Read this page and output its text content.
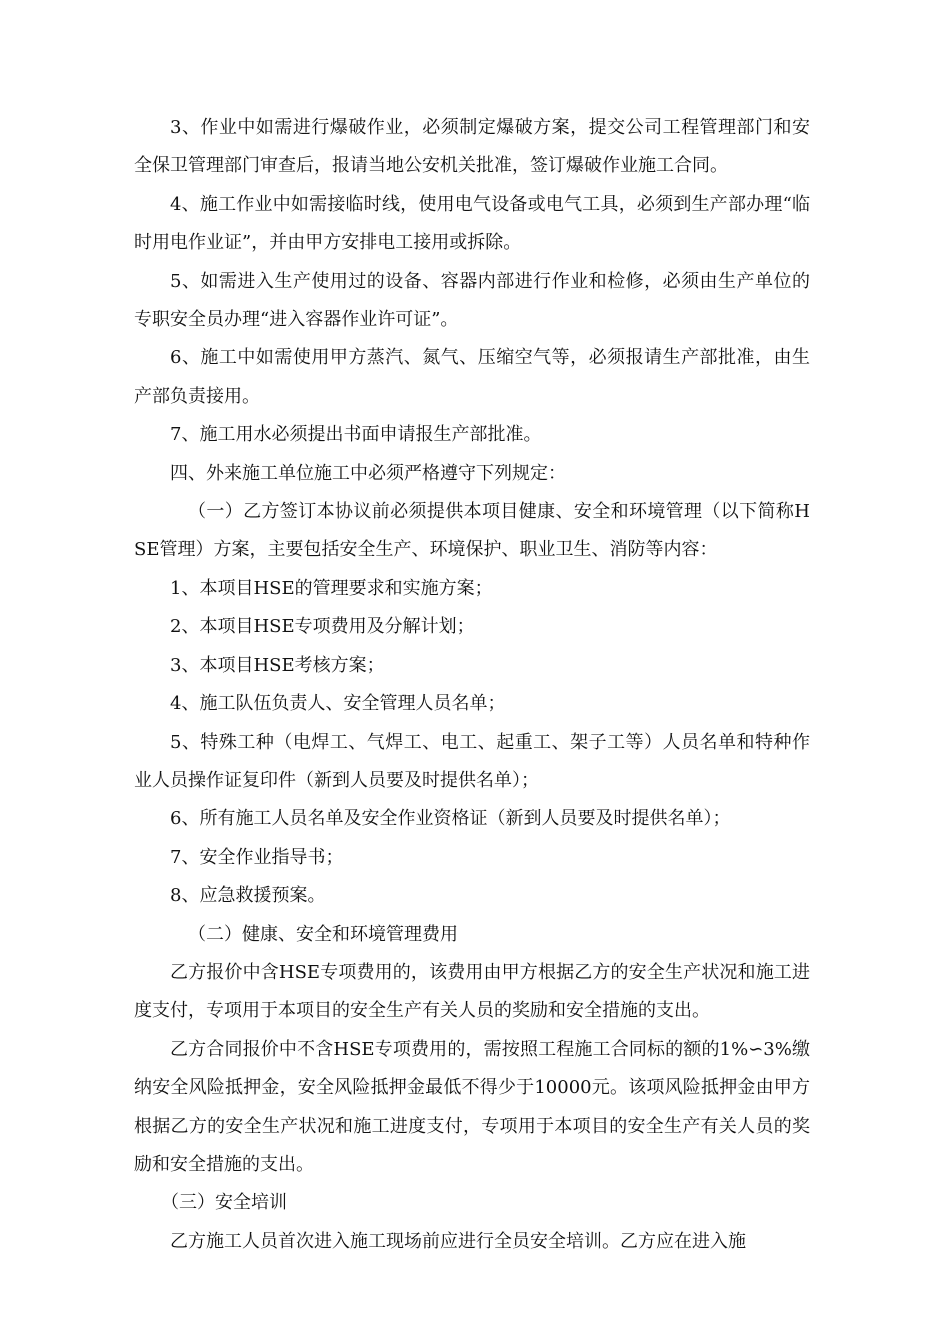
3、作业中如需进行爆破作业，必须制定爆破方案，提交公司工程管理部门和安全保卫管理部门审查后，报请当地公安机关批准，签订爆破作业施工合同。

4、施工作业中如需接临时线，使用电气设备或电气工具，必须到生产部办理“临时用电作业证”，并由甲方安排电工接用或拆除。

5、如需进入生产使用过的设备、容器内部进行作业和检修，必须由生产单位的专职安全员办理“进入容器作业许可证”。

6、施工中如需使用甲方蒸汽、氮气、压缩空气等，必须报请生产部批准，由生产部负责接用。

7、施工用水必须提出书面申请报生产部批准。

四、外来施工单位施工中必须严格遵守下列规定：

（一）乙方签订本协议前必须提供本项目健康、安全和环境管理（以下简称HSE管理）方案，主要包括安全生产、环境保护、职业卫生、消防等内容：

1、本项目HSE的管理要求和实施方案；

2、本项目HSE专项费用及分解计划；

3、本项目HSE考核方案；

4、施工队伍负责人、安全管理人员名单；

5、特殊工种（电焊工、气焊工、电工、起重工、架子工等）人员名单和特种作业人员操作证复印件（新到人员要及时提供名单）；

6、所有施工人员名单及安全作业资格证（新到人员要及时提供名单）；

7、安全作业指导书；

8、应急救援预案。

（二）健康、安全和环境管理费用

乙方报价中含HSE专项费用的，该费用由甲方根据乙方的安全生产状况和施工进度支付，专项用于本项目的安全生产有关人员的奖励和安全措施的支出。

乙方合同报价中不含HSE专项费用的，需按照工程施工合同标的额的1%∽3%缴纳安全风险抵押金，安全风险抵押金最低不得少于10000元。该项风险抵押金由甲方根据乙方的安全生产状况和施工进度支付，专项用于本项目的安全生产有关人员的奖励和安全措施的支出。

（三）安全培训

乙方施工人员首次进入施工现场前应进行全员安全培训。乙方应在进入施
